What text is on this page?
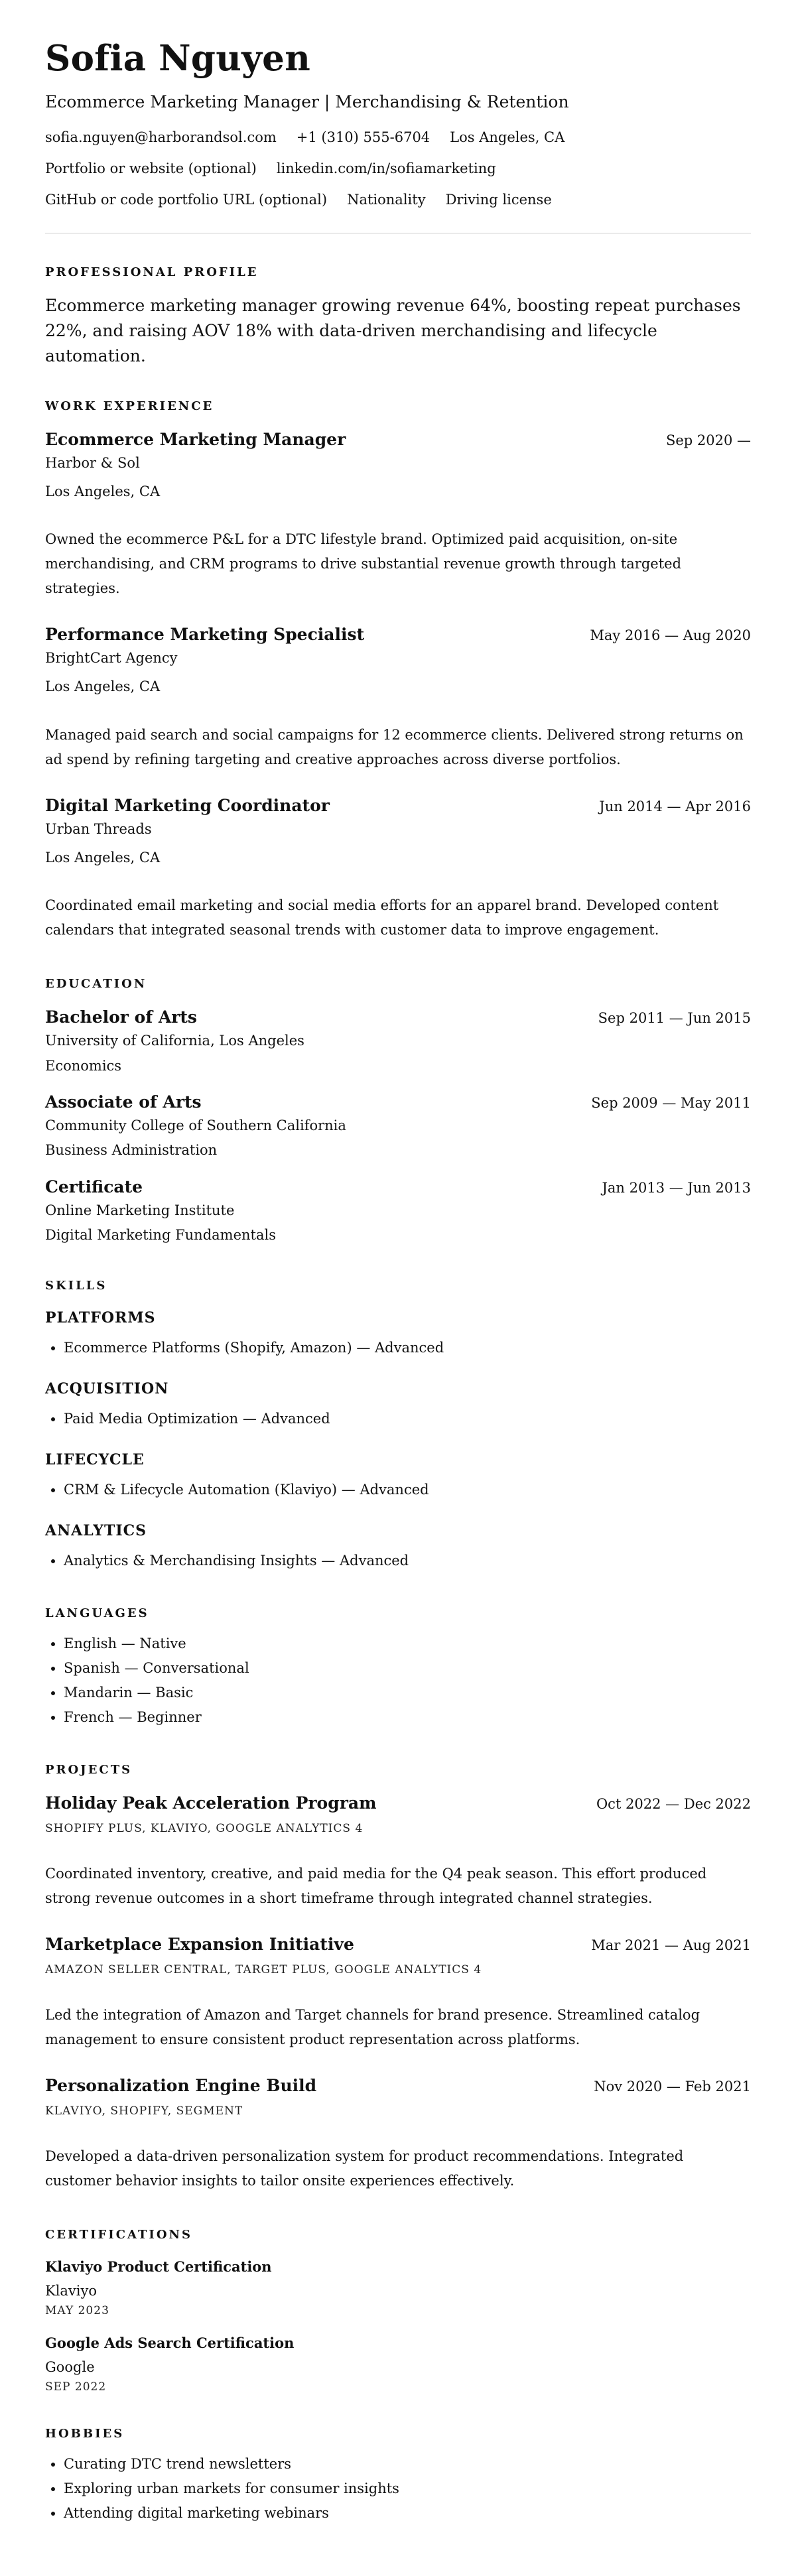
Sofia Nguyen
Ecommerce Marketing Manager | Merchandising & Retention
sofia.nguyen@harborandsol.com +1 (310) 555-6704 Los Angeles, CA
Portfolio or website (optional) linkedin.com/in/sofiamarketing
GitHub or code portfolio URL (optional) Nationality Driving license
PROFESSIONAL PROFILE
Ecommerce marketing manager growing revenue 64%, boosting repeat purchases 22%, and raising AOV 18% with data-driven merchandising and lifecycle automation.
WORK EXPERIENCE
Ecommerce Marketing Manager	Sep 2020 —
Harbor & Sol
Los Angeles, CA
Owned the ecommerce P&L for a DTC lifestyle brand. Optimized paid acquisition, on-site merchandising, and CRM programs to drive substantial revenue growth through targeted strategies.
Performance Marketing Specialist	May 2016 — Aug 2020
BrightCart Agency
Los Angeles, CA
Managed paid search and social campaigns for 12 ecommerce clients. Delivered strong returns on ad spend by refining targeting and creative approaches across diverse portfolios.
Digital Marketing Coordinator	Jun 2014 — Apr 2016
Urban Threads
Los Angeles, CA
Coordinated email marketing and social media efforts for an apparel brand. Developed content calendars that integrated seasonal trends with customer data to improve engagement.
EDUCATION
Bachelor of Arts	Sep 2011 — Jun 2015
University of California, Los Angeles
Economics
Associate of Arts	Sep 2009 — May 2011
Community College of Southern California
Business Administration
Certificate	Jan 2013 — Jun 2013
Online Marketing Institute
Digital Marketing Fundamentals
SKILLS
PLATFORMS
• Ecommerce Platforms (Shopify, Amazon) — Advanced
ACQUISITION
• Paid Media Optimization — Advanced
LIFECYCLE
• CRM & Lifecycle Automation (Klaviyo) — Advanced
ANALYTICS
• Analytics & Merchandising Insights — Advanced
LANGUAGES
• English — Native
• Spanish — Conversational
• Mandarin — Basic
• French — Beginner
PROJECTS
Holiday Peak Acceleration Program	Oct 2022 — Dec 2022
SHOPIFY PLUS, KLAVIYO, GOOGLE ANALYTICS 4
Coordinated inventory, creative, and paid media for the Q4 peak season. This effort produced strong revenue outcomes in a short timeframe through integrated channel strategies.
Marketplace Expansion Initiative	Mar 2021 — Aug 2021
AMAZON SELLER CENTRAL, TARGET PLUS, GOOGLE ANALYTICS 4
Led the integration of Amazon and Target channels for brand presence. Streamlined catalog management to ensure consistent product representation across platforms.
Personalization Engine Build	Nov 2020 — Feb 2021
KLAVIYO, SHOPIFY, SEGMENT
Developed a data-driven personalization system for product recommendations. Integrated customer behavior insights to tailor onsite experiences effectively.
CERTIFICATIONS
Klaviyo Product Certification
Klaviyo
MAY 2023
Google Ads Search Certification
Google
SEP 2022
HOBBIES
• Curating DTC trend newsletters
• Exploring urban markets for consumer insights
• Attending digital marketing webinars
